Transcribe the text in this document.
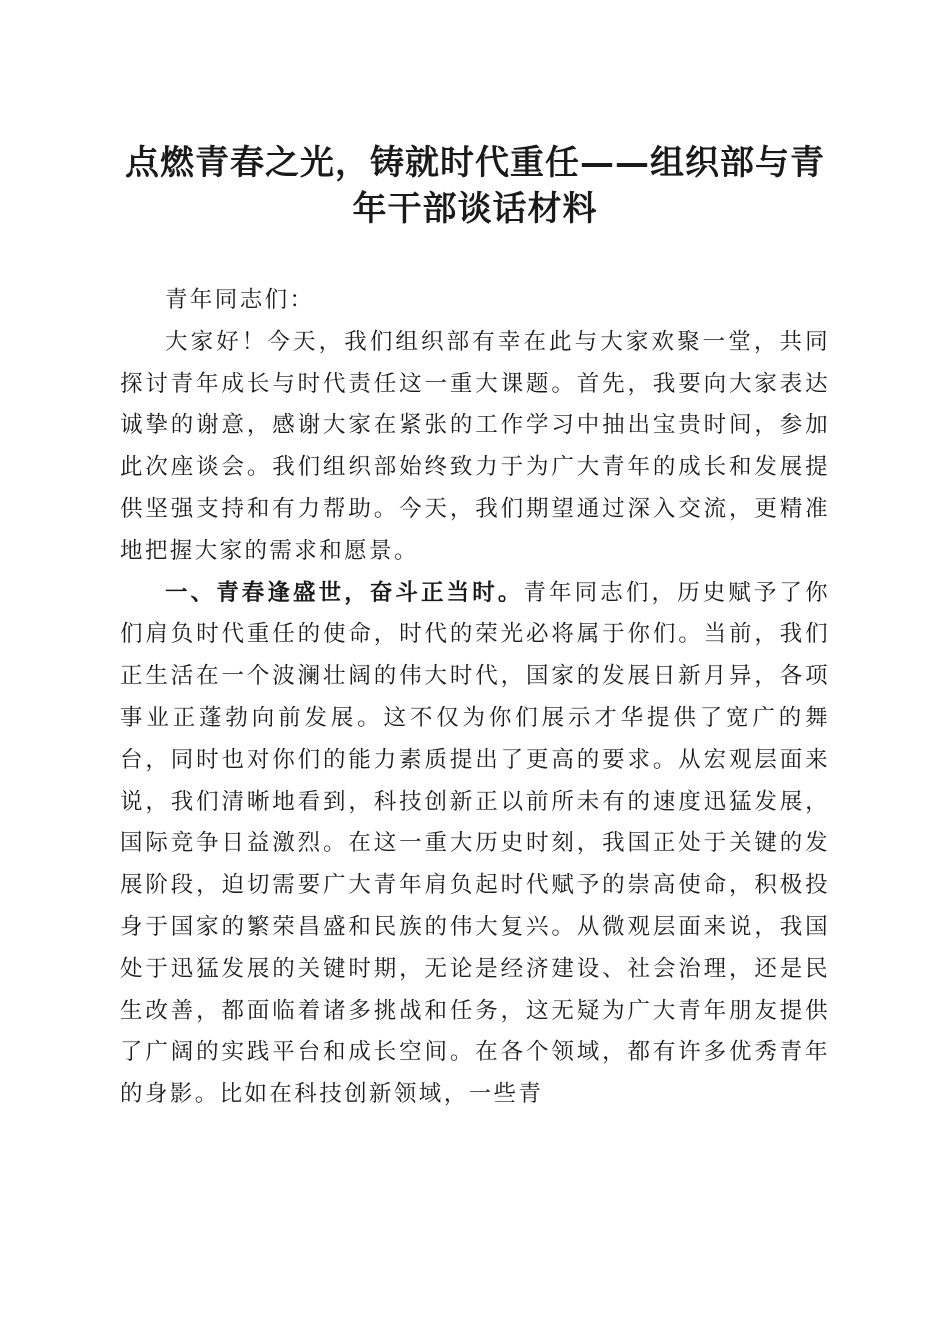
点燃青春之光，铸就时代重任——组织部与青
年干部谈话材料

青年同志们：

大家好！今天，我们组织部有幸在此与大家欢聚一堂，共同探讨青年成长与时代责任这一重大课题。首先，我要向大家表达诚挚的谢意，感谢大家在紧张的工作学习中抽出宝贵时间，参加此次座谈会。我们组织部始终致力于为广大青年的成长和发展提供坚强支持和有力帮助。今天，我们期望通过深入交流，更精准地把握大家的需求和愿景。

一、青春逢盛世，奋斗正当时。青年同志们，历史赋予了你们肩负时代重任的使命，时代的荣光必将属于你们。当前，我们正生活在一个波澜壮阔的伟大时代，国家的发展日新月异，各项事业正蓬勃向前发展。这不仅为你们展示才华提供了宽广的舞台，同时也对你们的能力素质提出了更高的要求。从宏观层面来说，我们清晰地看到，科技创新正以前所未有的速度迅猛发展，国际竞争日益激烈。在这一重大历史时刻，我国正处于关键的发展阶段，迫切需要广大青年肩负起时代赋予的崇高使命，积极投身于国家的繁荣昌盛和民族的伟大复兴。从微观层面来说，我国处于迅猛发展的关键时期，无论是经济建设、社会治理，还是民生改善，都面临着诸多挑战和任务，这无疑为广大青年朋友提供了广阔的实践平台和成长空间。在各个领域，都有许多优秀青年的身影。比如在科技创新领域，一些青
